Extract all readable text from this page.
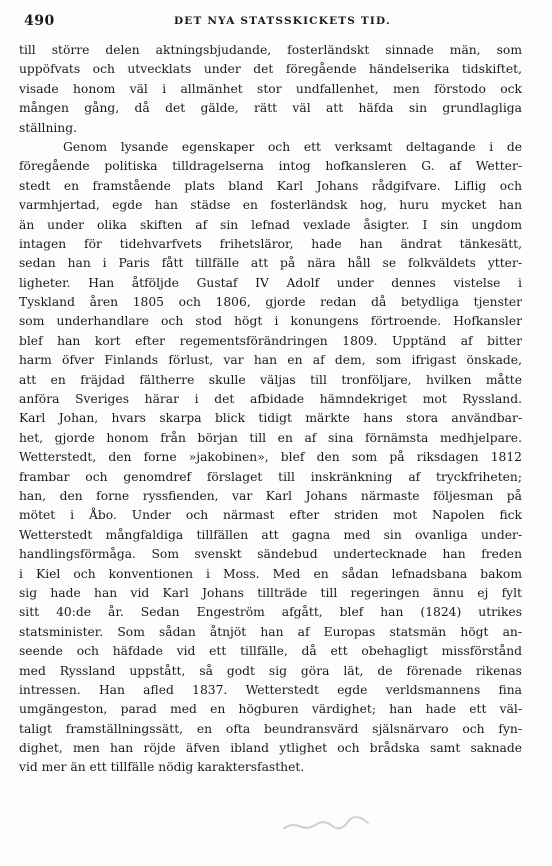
490	DET NYA STATSSKICKETS TID.
till större delen aktningsbjudande, fosterländskt sinnade män, som
uppöfvats och utvecklats under det föregående händelserika tidskiftet,
visade honom väl i allmänhet stor undfallenhet, men förstodo ock
mången gång, då det gälde, rätt väl att häfda sin grundlagliga
ställning.
Genom lysande egenskaper och ett verksamt deltagande i de
föregående politiska tilldragelserna intog hofkansleren G. af Wetter-
stedt en framstående plats bland Karl Johans rådgifvare. Liflig och
varmhjertad, egde han städse en fosterländsk hog, huru mycket han
än under olika skiften af sin lefnad vexlade åsigter. I sin ungdom
intagen för tidehvarfvets frihetsläror, hade han ändrat tänkesätt,
sedan han i Paris fått tillfälle att på nära håll se folkväldets ytter-
ligheter. Han åtföljde Gustaf IV Adolf under dennes vistelse i
Tyskland åren 1805 och 1806, gjorde redan då betydliga tjenster
som underhandlare och stod högt i konungens förtroende. Hofkansler
blef han kort efter regementsförändringen 1809. Upptänd af bitter
harm öfver Finlands förlust, var han en af dem, som ifrigast önskade,
att en fräjdad fältherre skulle väljas till tronföljare, hvilken måtte
anföra Sveriges härar i det afbidade hämndekriget mot Ryssland.
Karl Johan, hvars skarpa blick tidigt märkte hans stora användbar-
het, gjorde honom från början till en af sina förnämsta medhjelpare.
Wetterstedt, den forne »jakobinen», blef den som på riksdagen 1812
frambar och genomdref förslaget till inskränkning af tryckfriheten;
han, den forne ryssfienden, var Karl Johans närmaste följesman på
mötet i Åbo. Under och närmast efter striden mot Napolen fick
Wetterstedt mångfaldiga tillfällen att gagna med sin ovanliga under-
handlingsförmåga. Som svenskt sändebud undertecknade han freden
i Kiel och konventionen i Moss. Med en sådan lefnadsbana bakom
sig hade han vid Karl Johans tillträde till regeringen ännu ej fylt
sitt 40:de år. Sedan Engeström afgått, blef han (1824) utrikes
statsminister. Som sådan åtnjöt han af Europas statsmän högt an-
seende och häfdade vid ett tillfälle, då ett obehagligt missförstånd
med Ryssland uppstått, så godt sig göra lät, de förenade rikenas
intressen. Han afled 1837. Wetterstedt egde verldsmannens fina
umgängeston, parad med en högburen värdighet; han hade ett väl-
taligt framställningssätt, en ofta beundransvärd själsnärvaro och fyn-
dighet, men han röjde äfven ibland ytlighet och brådska samt saknade
vid mer än ett tillfälle nödig karaktersfasthet.
